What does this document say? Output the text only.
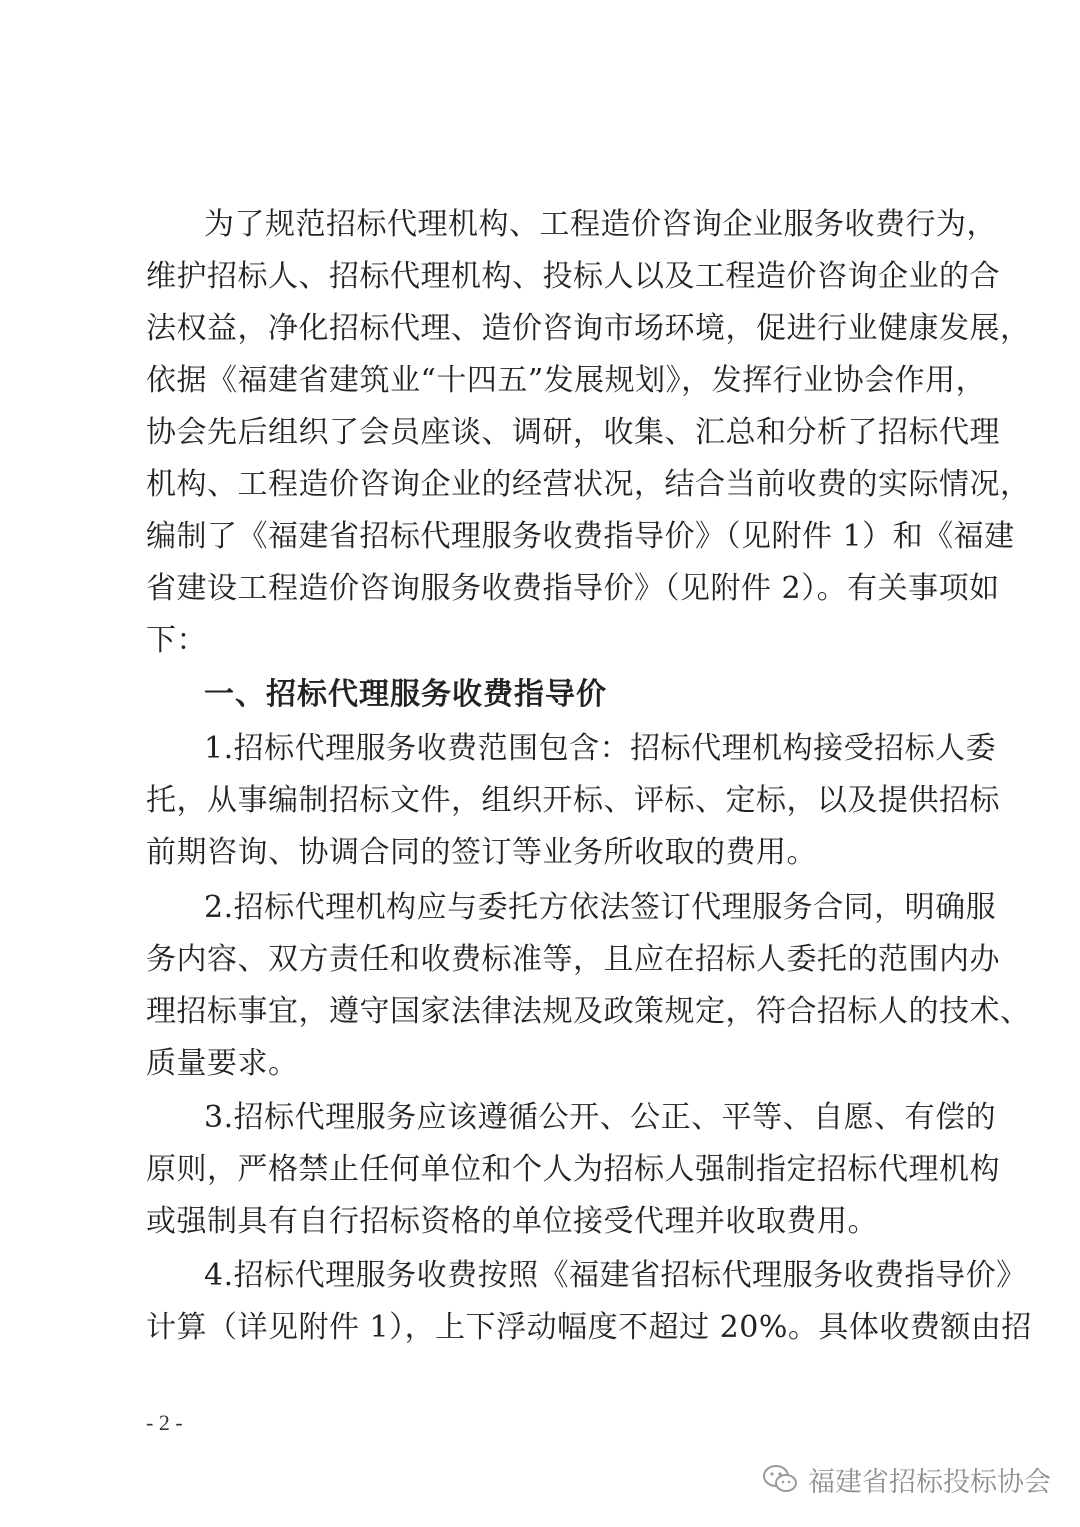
为了规范招标代理机构、工程造价咨询企业服务收费行为，
维护招标人、招标代理机构、投标人以及工程造价咨询企业的合
法权益，净化招标代理、造价咨询市场环境，促进行业健康发展，
依据《福建省建筑业“十四五”发展规划》，发挥行业协会作用，
协会先后组织了会员座谈、调研，收集、汇总和分析了招标代理
机构、工程造价咨询企业的经营状况，结合当前收费的实际情况，
编制了《福建省招标代理服务收费指导价》（见附件 1）和《福建
省建设工程造价咨询服务收费指导价》（见附件 2）。有关事项如
下：
一、招标代理服务收费指导价
1.招标代理服务收费范围包含：招标代理机构接受招标人委
托，从事编制招标文件，组织开标、评标、定标，以及提供招标
前期咨询、协调合同的签订等业务所收取的费用。
2.招标代理机构应与委托方依法签订代理服务合同，明确服
务内容、双方责任和收费标准等，且应在招标人委托的范围内办
理招标事宜，遵守国家法律法规及政策规定，符合招标人的技术、
质量要求。
3.招标代理服务应该遵循公开、公正、平等、自愿、有偿的
原则，严格禁止任何单位和个人为招标人强制指定招标代理机构
或强制具有自行招标资格的单位接受代理并收取费用。
4.招标代理服务收费按照《福建省招标代理服务收费指导价》
计算（详见附件 1），上下浮动幅度不超过 20%。具体收费额由招
- 2 -
福建省招标投标协会
